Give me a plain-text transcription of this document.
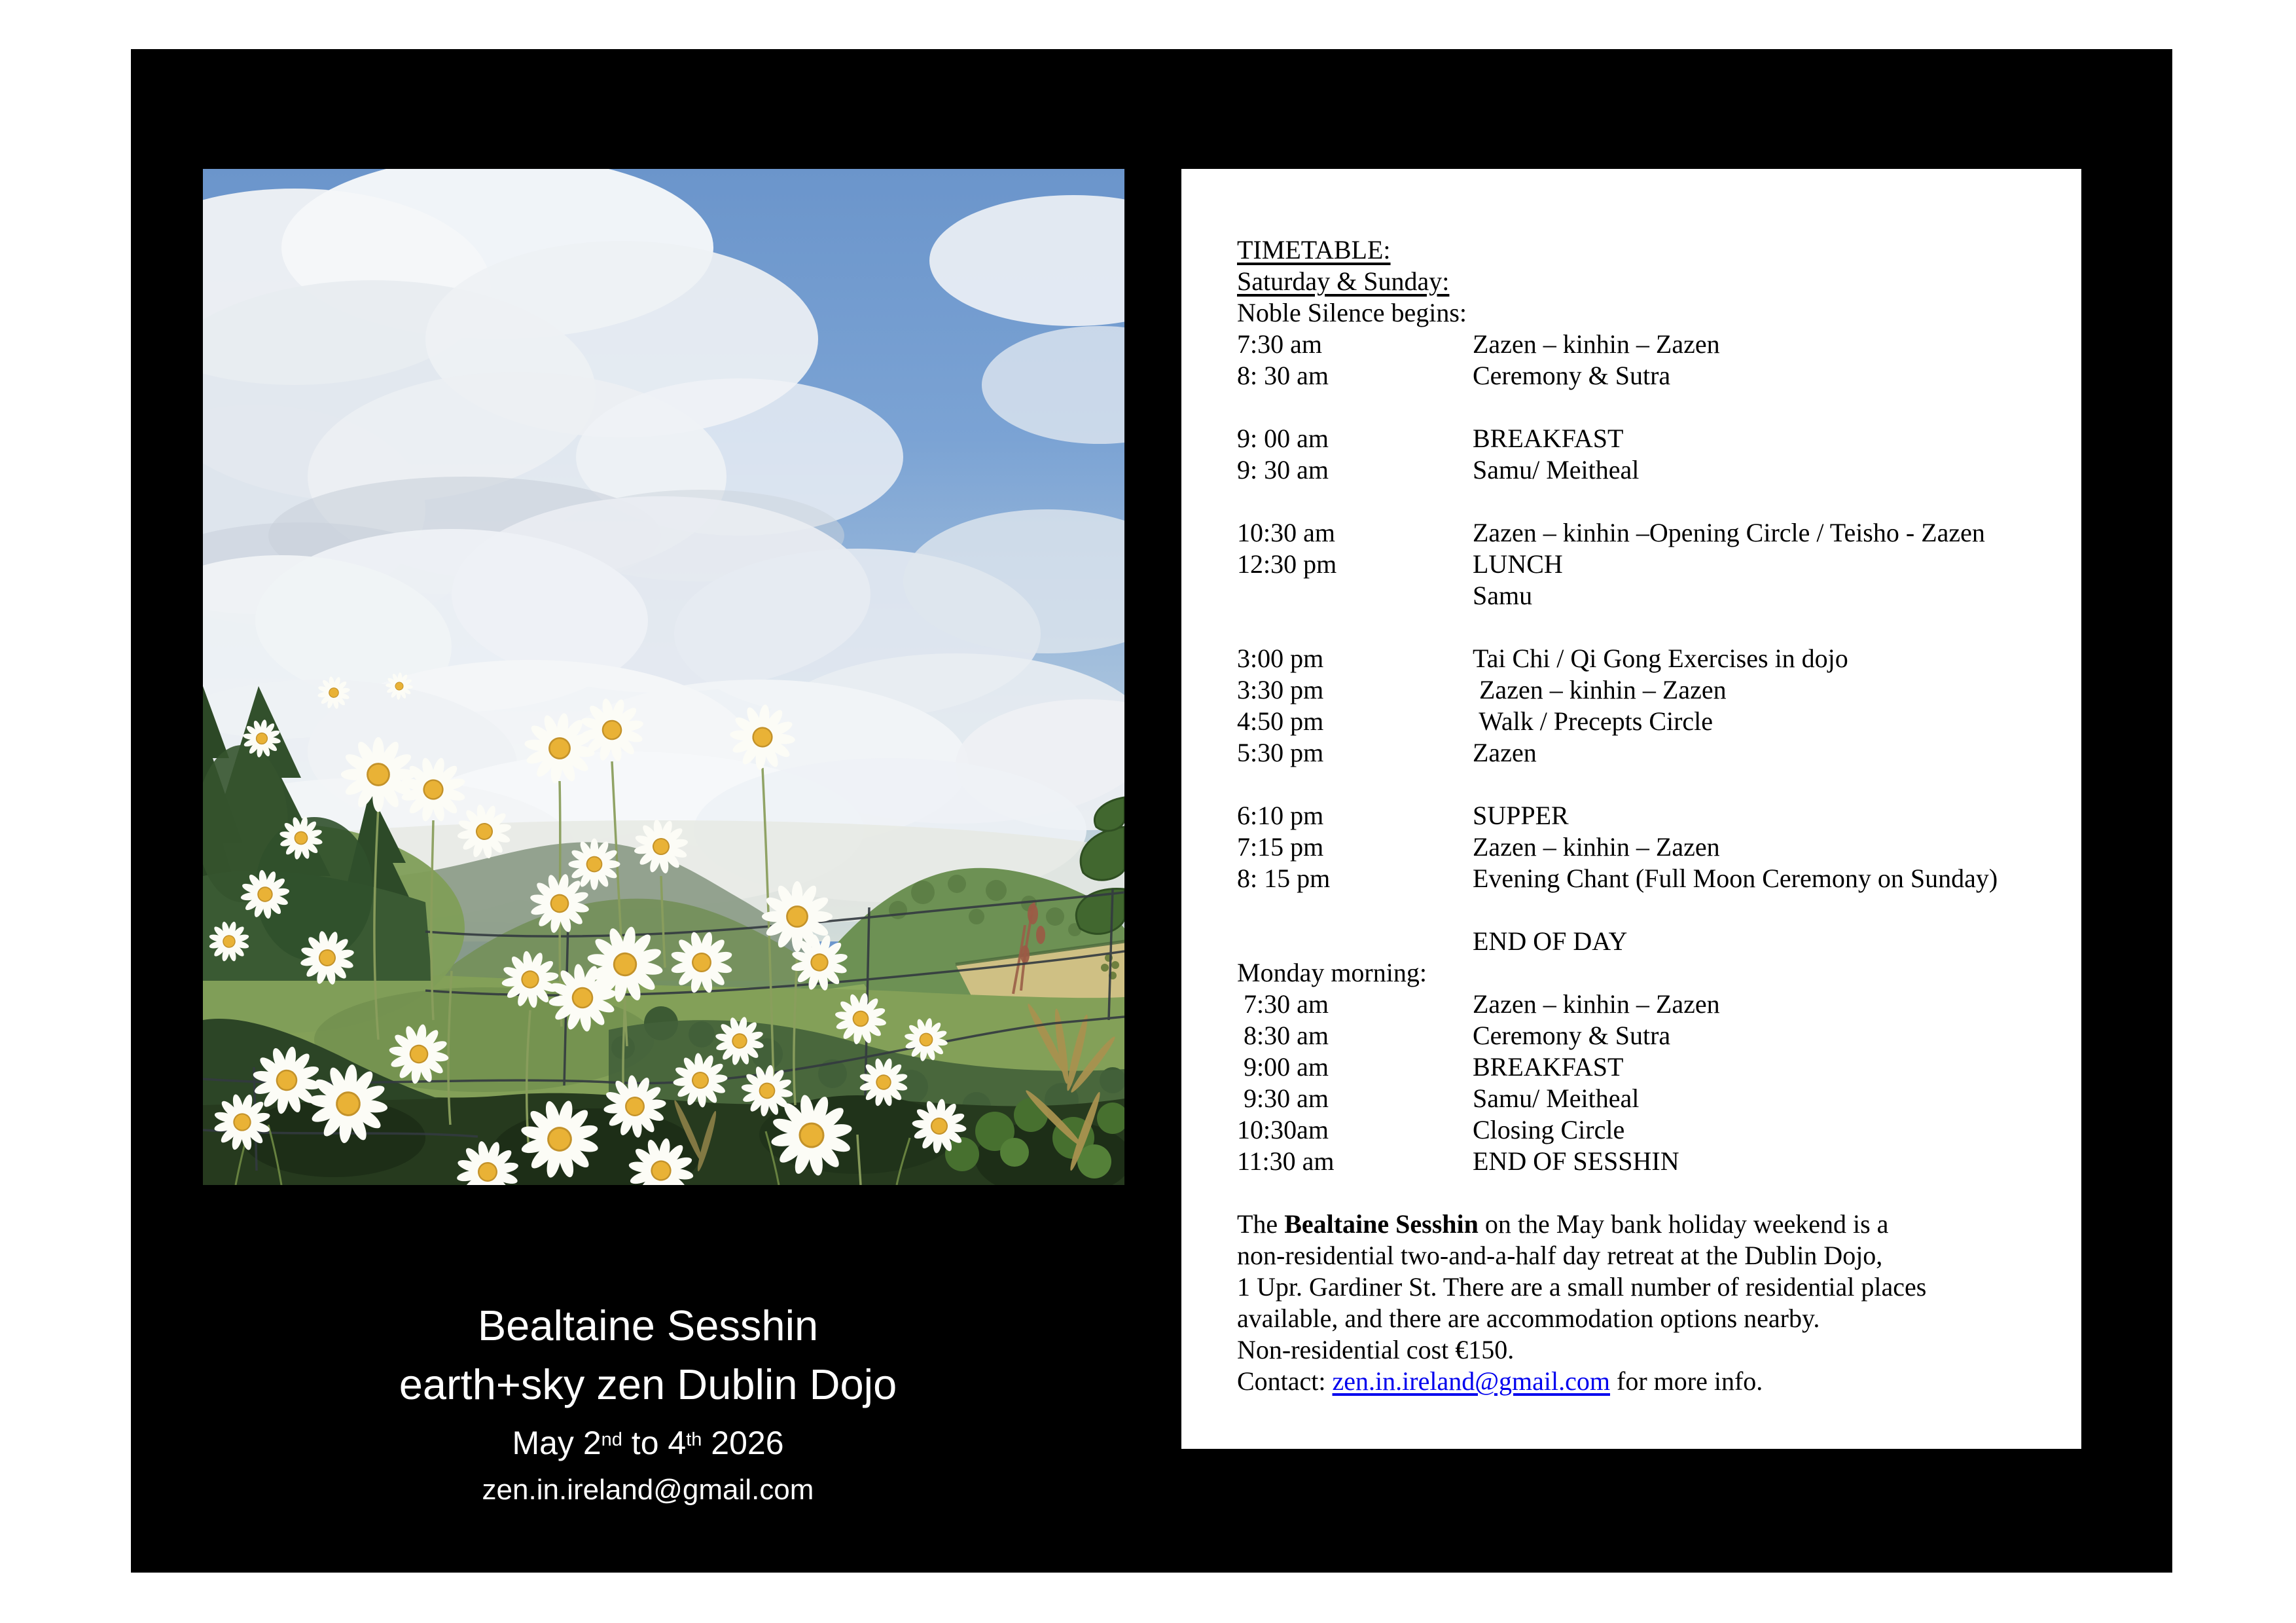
Bealtaine Sesshin
earth+sky zen Dublin Dojo
May 2nd to 4th 2026
zen.in.ireland@gmail.com
TIMETABLE:
Saturday & Sunday:
Noble Silence begins:
7:30 am	Zazen – kinhin – Zazen
8: 30 am	Ceremony & Sutra
9: 00 am	BREAKFAST
9: 30 am	Samu/ Meitheal
10:30 am	Zazen – kinhin –Opening Circle / Teisho - Zazen
12:30 pm	LUNCH
Samu
3:00 pm	Tai Chi / Qi Gong Exercises in dojo
3:30 pm	Zazen – kinhin – Zazen
4:50 pm	Walk / Precepts Circle
5:30 pm	Zazen
6:10 pm	SUPPER
7:15 pm	Zazen – kinhin – Zazen
8: 15 pm	Evening Chant (Full Moon Ceremony on Sunday)
END OF DAY
Monday morning:
7:30 am	Zazen – kinhin – Zazen
8:30 am	Ceremony & Sutra
9:00 am	BREAKFAST
9:30 am	Samu/ Meitheal
10:30am	Closing Circle
11:30 am	END OF SESSHIN
The Bealtaine Sesshin on the May bank holiday weekend is a
non-residential two-and-a-half day retreat at the Dublin Dojo,
1 Upr. Gardiner St. There are a small number of residential places
available, and there are accommodation options nearby.
Non-residential cost €150.
Contact: zen.in.ireland@gmail.com for more info.
